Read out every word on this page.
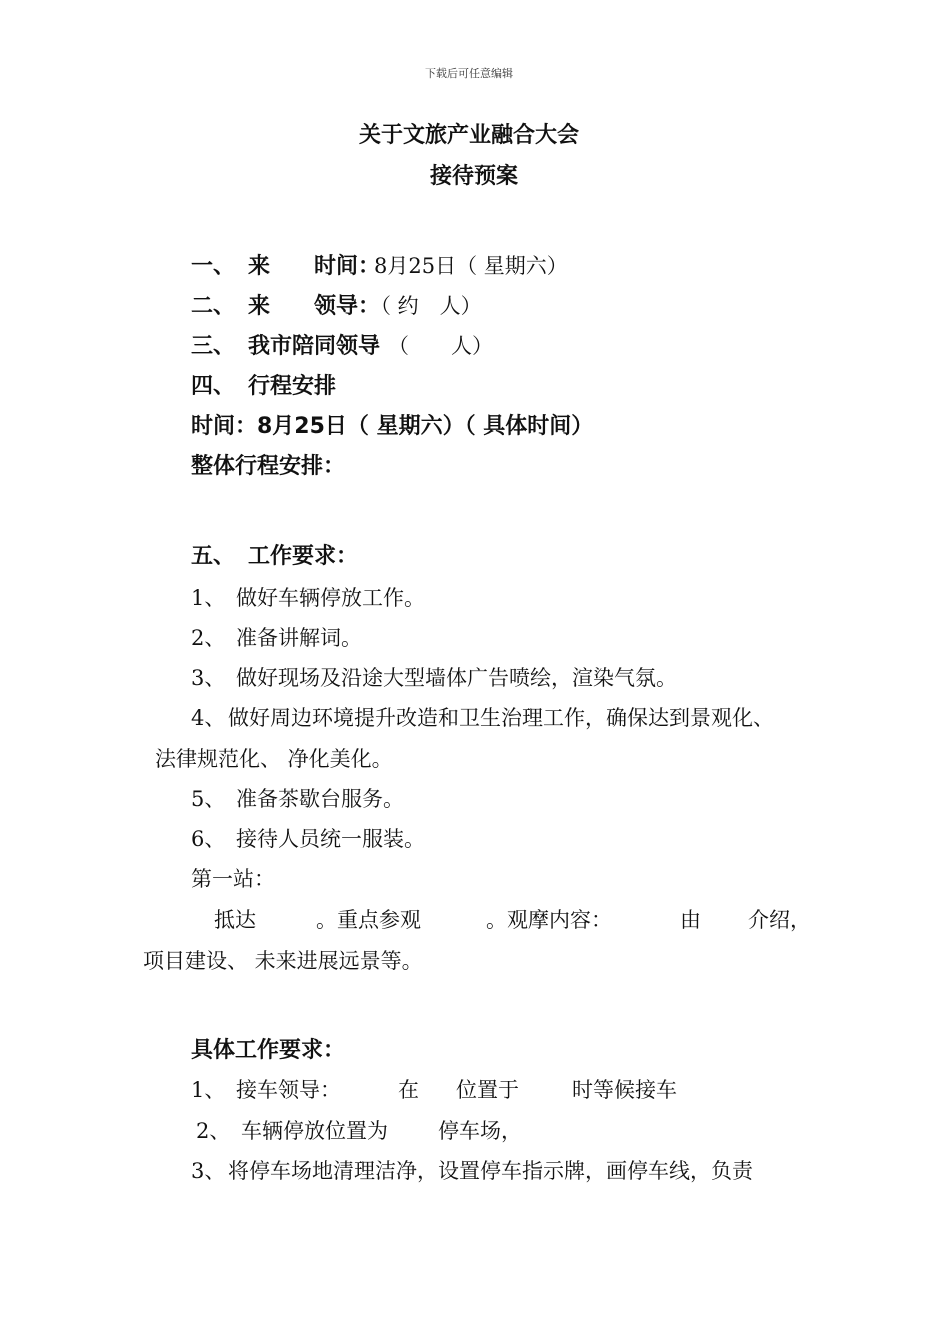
下载后可任意编辑
关于文旅产业融合大会
接待预案
一、 来　　时间：
8月25日（ 星期六）
二、 来　　领导：
（ 约　人）
三、 我市陪同领导 （　　人）
四、 行程安排
时间：8月25日（ 星期六）（ 具体时间）
整体行程安排：
五、 工作要求：
1、 做好车辆停放工作。
2、 准备讲解词。
3、 做好现场及沿途大型墙体广告喷绘，渲染气氛。
4、 做好周边环境提升改造和卫生治理工作，确保达到景观化、
法律规范化、 净化美化。
5、 准备茶歇台服务。
6、 接待人员统一服装。
第一站：
抵达	。重点参观	。观摩内容：	由 介绍，
项目建设、 未来进展远景等。
具体工作要求：
1、 接车领导：	在 位置于	时等候接车
2、 车辆停放位置为 停车场，
3、 将停车场地清理洁净，设置停车指示牌，画停车线，负责
